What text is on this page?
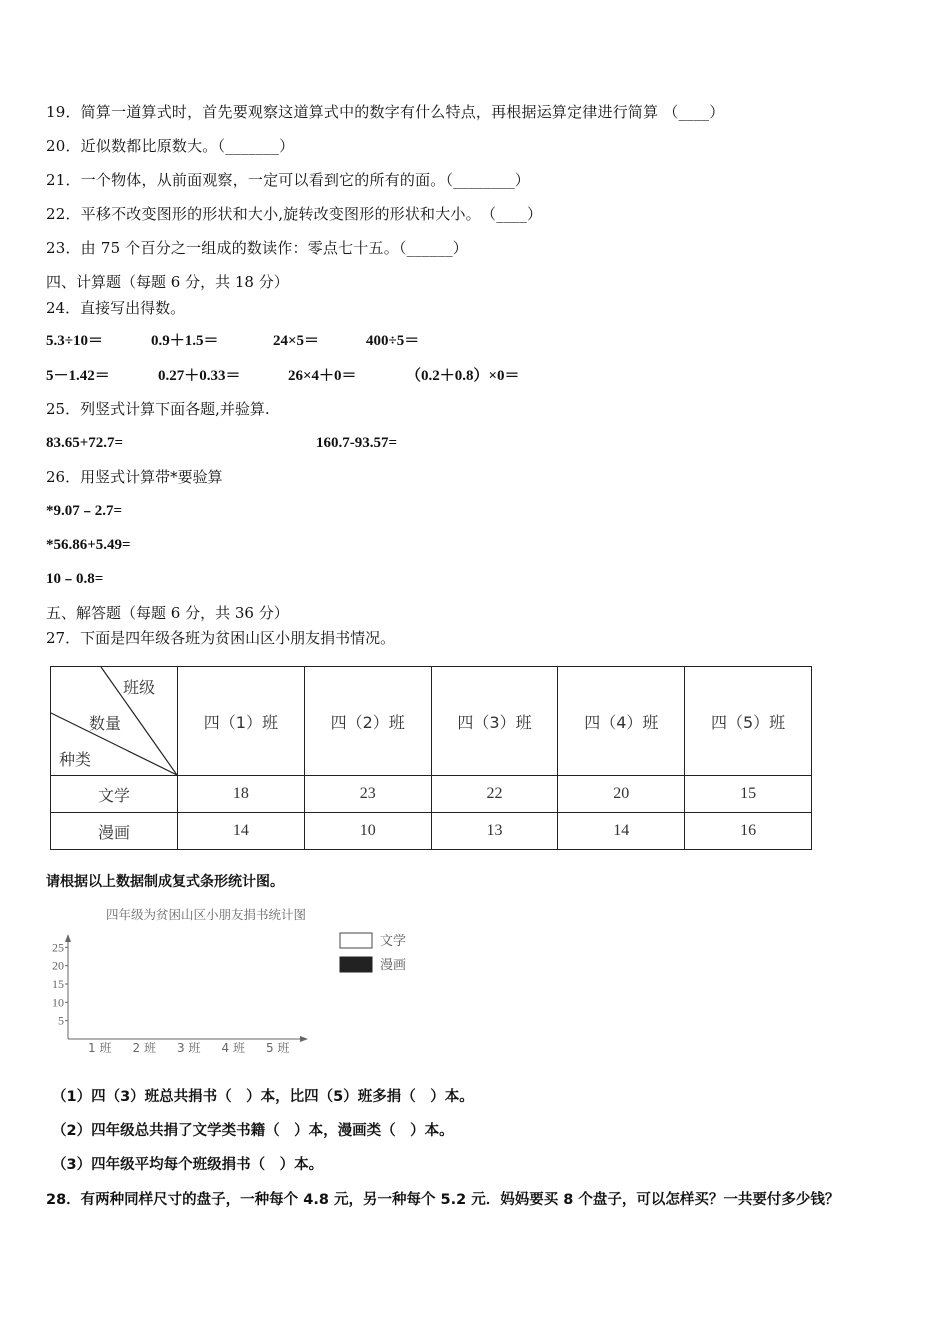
19．简算一道算式时，首先要观察这道算式中的数字有什么特点，再根据运算定律进行简算 （____）
20．近似数都比原数大。（_______）
21．一个物体，从前面观察，一定可以看到它的所有的面。（________）
22．平移不改变图形的形状和大小,旋转改变图形的形状和大小。　（____）
23．由 75 个百分之一组成的数读作：零点七十五。（______）
四、计算题（每题 6 分，共 18 分）
24．直接写出得数。
5.3÷10＝	0.9＋1.5＝	24×5＝	400÷5＝
5－1.42＝	0.27＋0.33＝	26×4＋0＝	（0.2＋0.8）×0＝
25．列竖式计算下面各题,并验算.
83.65+72.7=	160.7-93.57=
26．用竖式计算带*要验算
*9.07﹣2.7=
*56.86+5.49=
10﹣0.8=
五、解答题（每题 6 分，共 36 分）
27．下面是四年级各班为贫困山区小朋友捐书情况。
班级
数量
种类	四（1）班	四（2）班	四（3）班	四（4）班	四（5）班
文学	18	23	22	20	15
漫画	14	10	13	14	16
请根据以上数据制成复式条形统计图。
四年级为贫困山区小朋友捐书统计图
5
10
15
20
25
1 班 2 班 3 班 4 班 5 班
文学
漫画
（1）四（3）班总共捐书（　）本，比四（5）班多捐（　）本。
（2）四年级总共捐了文学类书籍（　）本，漫画类（　）本。
（3）四年级平均每个班级捐书（　）本。
28．有两种同样尺寸的盘子，一种每个 4.8 元，另一种每个 5.2 元．妈妈要买 8 个盘子，可以怎样买？一共要付多少钱？
